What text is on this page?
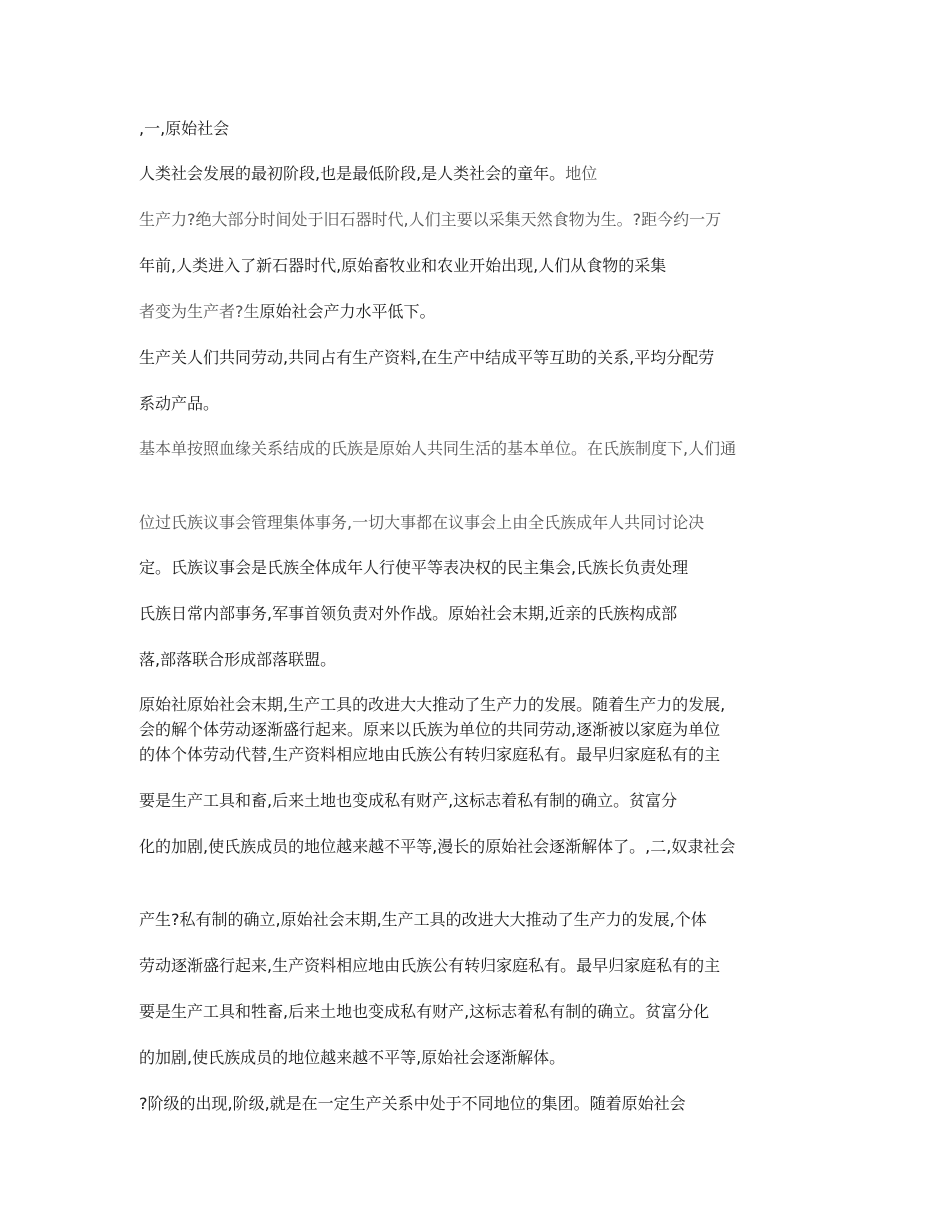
,一,原始社会

人类社会发展的最初阶段,也是最低阶段,是人类社会的童年。地位

生产力?绝大部分时间处于旧石器时代,人们主要以采集天然食物为生。?距今约一万

年前,人类进入了新石器时代,原始畜牧业和农业开始出现,人们从食物的采集

者变为生产者?生原始社会产力水平低下。

生产关人们共同劳动,共同占有生产资料,在生产中结成平等互助的关系,平均分配劳

系动产品。

基本单按照血缘关系结成的氏族是原始人共同生活的基本单位。在氏族制度下,人们通

位过氏族议事会管理集体事务,一切大事都在议事会上由全氏族成年人共同讨论决

定。氏族议事会是氏族全体成年人行使平等表决权的民主集会,氏族长负责处理

氏族日常内部事务,军事首领负责对外作战。原始社会末期,近亲的氏族构成部

落,部落联合形成部落联盟。

原始社原始社会末期,生产工具的改进大大推动了生产力的发展。随着生产力的发展,

会的解个体劳动逐渐盛行起来。原来以氏族为单位的共同劳动,逐渐被以家庭为单位

的体个体劳动代替,生产资料相应地由氏族公有转归家庭私有。最早归家庭私有的主

要是生产工具和畜,后来土地也变成私有财产,这标志着私有制的确立。贫富分

化的加剧,使氏族成员的地位越来越不平等,漫长的原始社会逐渐解体了。,二,奴隶社会

产生?私有制的确立,原始社会末期,生产工具的改进大大推动了生产力的发展,个体

劳动逐渐盛行起来,生产资料相应地由氏族公有转归家庭私有。最早归家庭私有的主

要是生产工具和牲畜,后来土地也变成私有财产,这标志着私有制的确立。贫富分化

的加剧,使氏族成员的地位越来越不平等,原始社会逐渐解体。

?阶级的出现,阶级,就是在一定生产关系中处于不同地位的集团。随着原始社会
